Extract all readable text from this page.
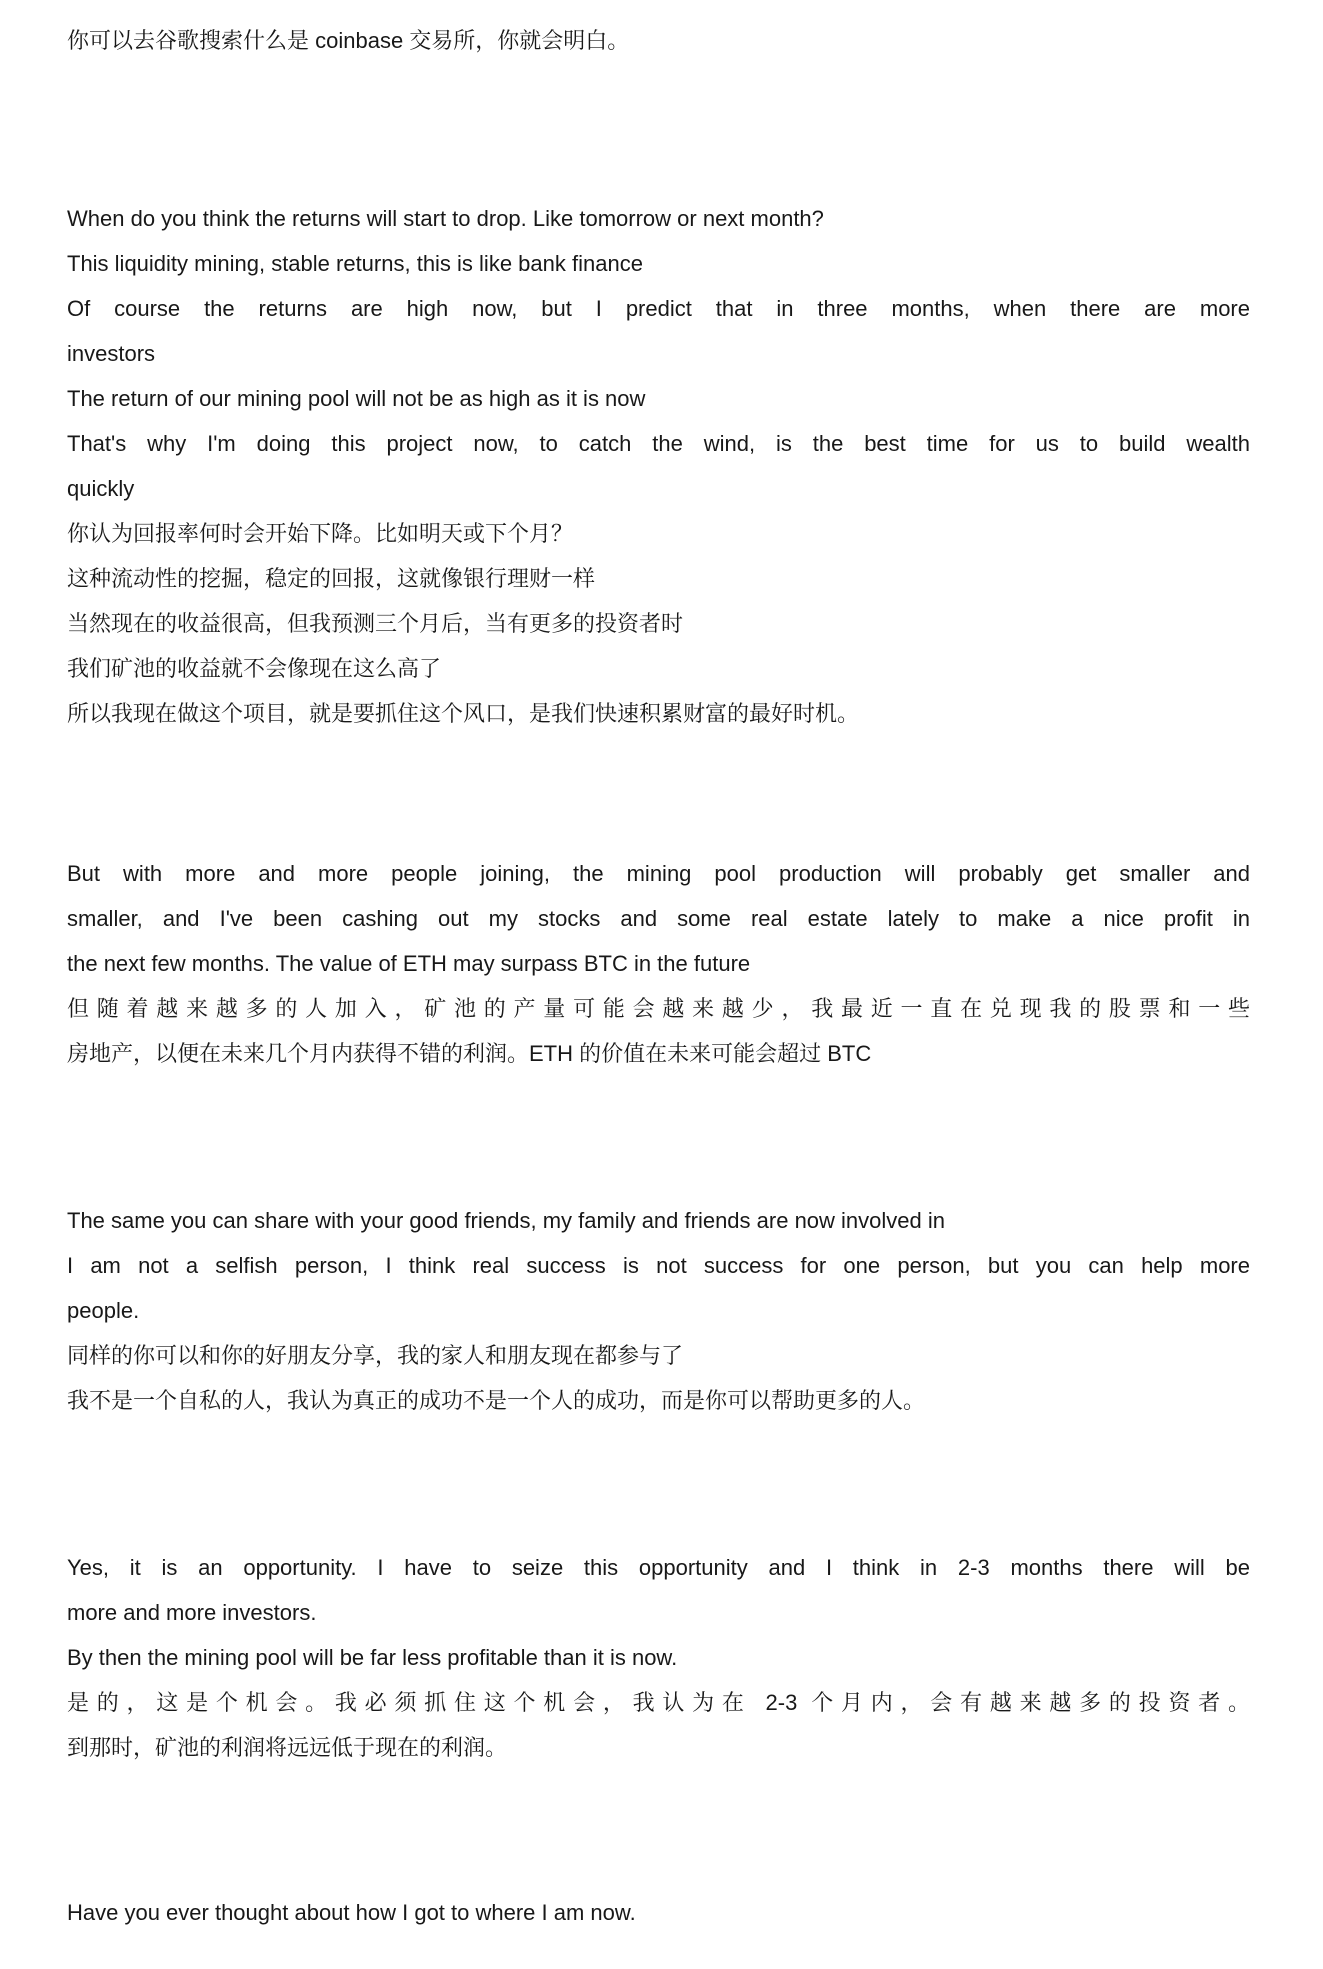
你可以去谷歌搜索什么是 coinbase 交易所，你就会明白。
When do you think the returns will start to drop. Like tomorrow or next month?
This liquidity mining, stable returns, this is like bank finance
Of course the returns are high now, but I predict that in three months, when there are more
investors
The return of our mining pool will not be as high as it is now
That's why I'm doing this project now, to catch the wind, is the best time for us to build wealth
quickly
你认为回报率何时会开始下降。比如明天或下个月？
这种流动性的挖掘，稳定的回报，这就像银行理财一样
当然现在的收益很高，但我预测三个月后，当有更多的投资者时
我们矿池的收益就不会像现在这么高了
所以我现在做这个项目，就是要抓住这个风口，是我们快速积累财富的最好时机。
But with more and more people joining, the mining pool production will probably get smaller and
smaller, and I've been cashing out my stocks and some real estate lately to make a nice profit in
the next few months. The value of ETH may surpass BTC in the future
但随着越来越多的人加入，矿池的产量可能会越来越少，我最近一直在兑现我的股票和一些
房地产，以便在未来几个月内获得不错的利润。ETH 的价值在未来可能会超过 BTC
The same you can share with your good friends, my family and friends are now involved in
I am not a selfish person, I think real success is not success for one person, but you can help more
people.
同样的你可以和你的好朋友分享，我的家人和朋友现在都参与了
我不是一个自私的人，我认为真正的成功不是一个人的成功，而是你可以帮助更多的人。
Yes, it is an opportunity. I have to seize this opportunity and I think in 2-3 months there will be
more and more investors.
By then the mining pool will be far less profitable than it is now.
是的，这是个机会。我必须抓住这个机会，我认为在 2-3 个月内，会有越来越多的投资者。
到那时，矿池的利润将远远低于现在的利润。
Have you ever thought about how I got to where I am now.
